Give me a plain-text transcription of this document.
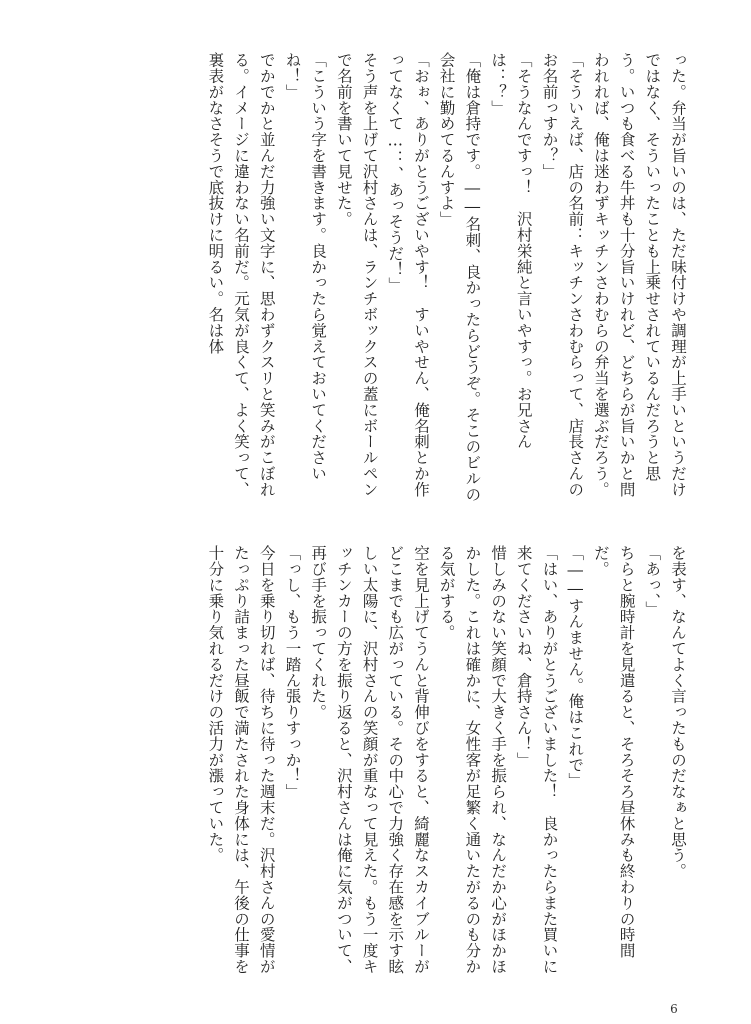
った。弁当が旨いのは、ただ味付けや調理が上手いというだけではなく、そういったことも上乗せされているんだろうと思う。いつも食べる牛丼も十分旨いけれど、どちらが旨いかと問われれば、俺は迷わずキッチンさわむらの弁当を選ぶだろう。

「そういえば、店の名前：キッチンさわむらって、店長さんのお名前っすか？」

「そうなんですっ！　沢村栄純と言いやすっ。お兄さんは：？」

「俺は倉持です。――名刺、良かったらどうぞ。そこのビルの会社に勤めてるんすよ」

「おぉ、ありがとうございやす！　すいやせん、俺名刺とか作ってなくて…：、あっそうだ！」

そう声を上げて沢村さんは、ランチボックスの蓋にボールペンで名前を書いて見せた。

「こういう字を書きます。良かったら覚えておいてくださいね！」

でかでかと並んだ力強い文字に、思わずクスリと笑みがこぼれる。イメージに違わない名前だ。元気が良くて、よく笑って、裏表がなさそうで底抜けに明るい。名は体

を表す、なんてよく言ったものだなぁと思う。

「あっ、」

ちらと腕時計を見遣ると、そろそろ昼休みも終わりの時間だ。

「――すんません。俺はこれで」

「はい、ありがとうございました！　良かったらまた買いに来てくださいね、倉持さん！」

惜しみのない笑顔で大きく手を振られ、なんだか心がほかほかした。これは確かに、女性客が足繁く通いたがるのも分かる気がする。

空を見上げてうんと背伸びをすると、綺麗なスカイブルーがどこまでも広がっている。その中心で力強く存在感を示す眩しい太陽に、沢村さんの笑顔が重なって見えた。もう一度キッチンカーの方を振り返ると、沢村さんは俺に気がついて、再び手を振ってくれた。

「っし、もう一踏ん張りすっか！」

今日を乗り切れば、待ちに待った週末だ。沢村さんの愛情がたっぷり詰まった昼飯で満たされた身体には、午後の仕事を十分に乗り気れるだけの活力が漲っていた。

6
